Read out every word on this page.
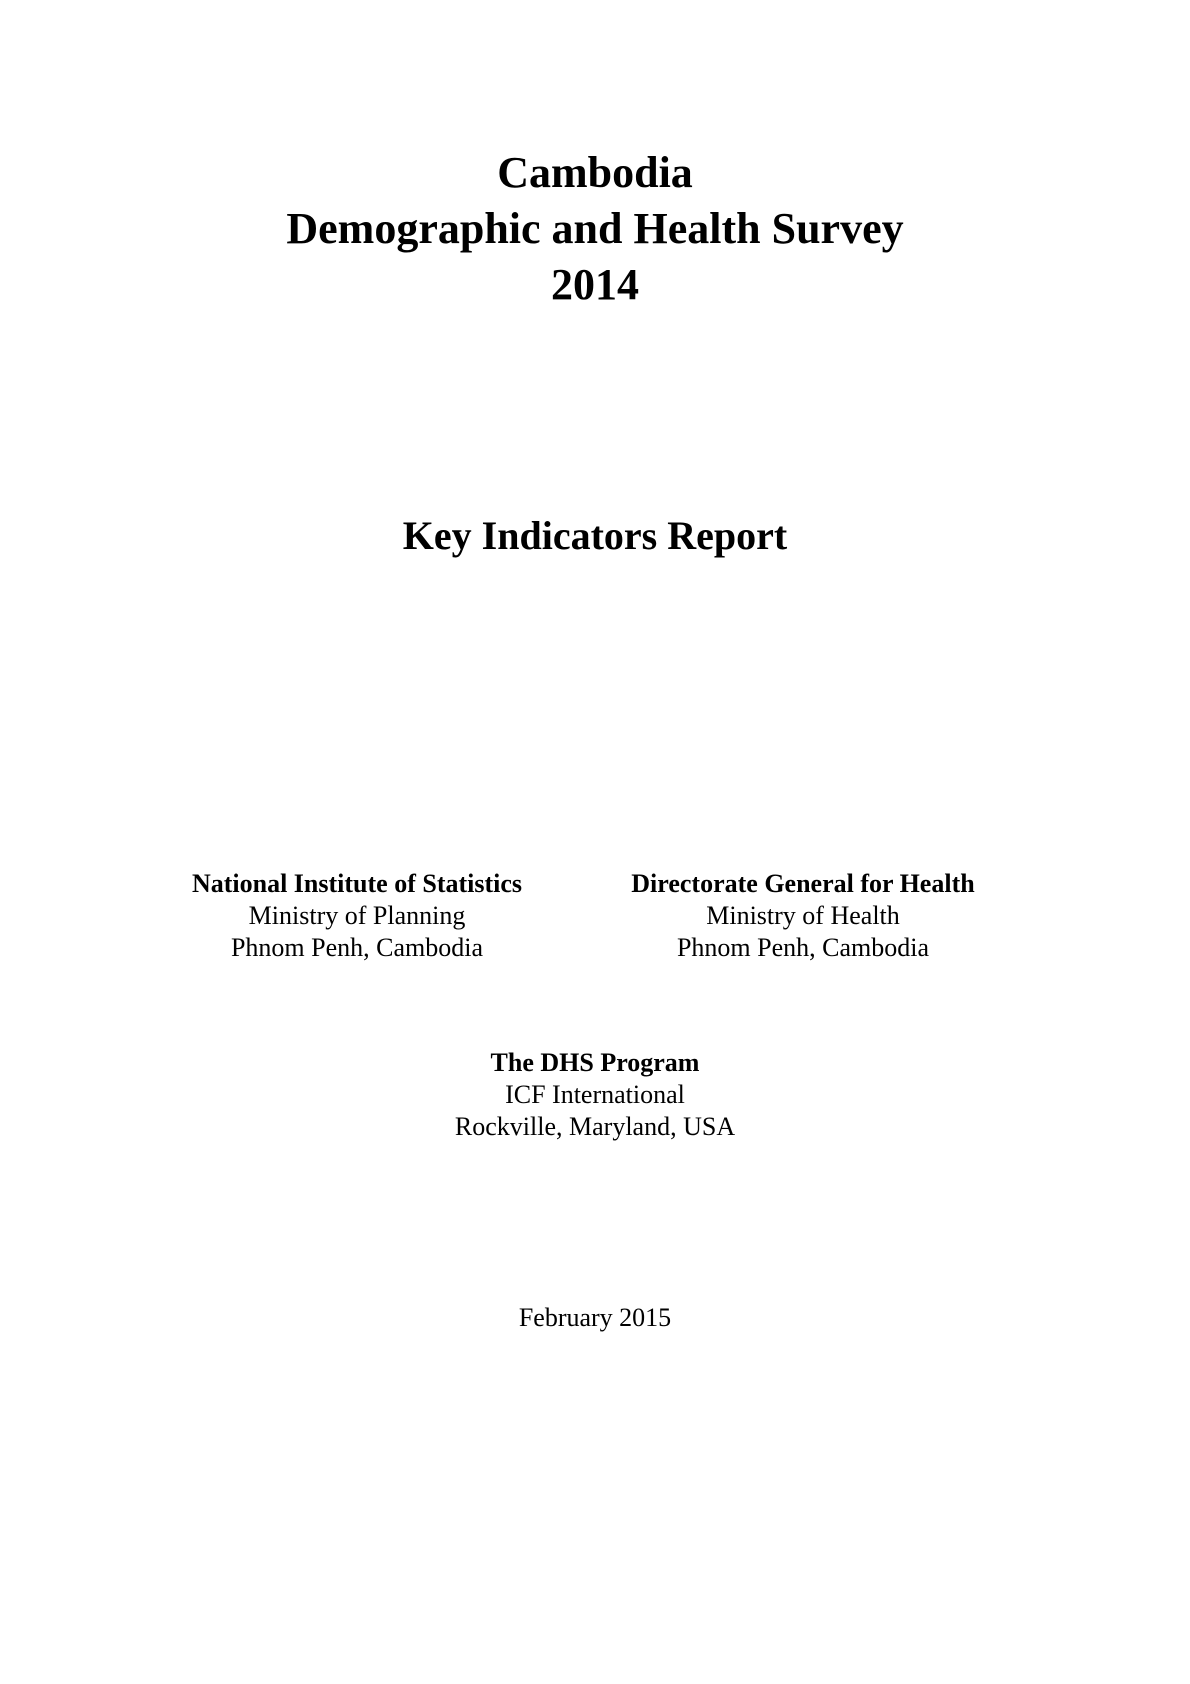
Cambodia
Demographic and Health Survey
2014
Key Indicators Report
National Institute of Statistics
Ministry of Planning
Phnom Penh, Cambodia
Directorate General for Health
Ministry of Health
Phnom Penh, Cambodia
The DHS Program
ICF International
Rockville, Maryland, USA
February 2015
